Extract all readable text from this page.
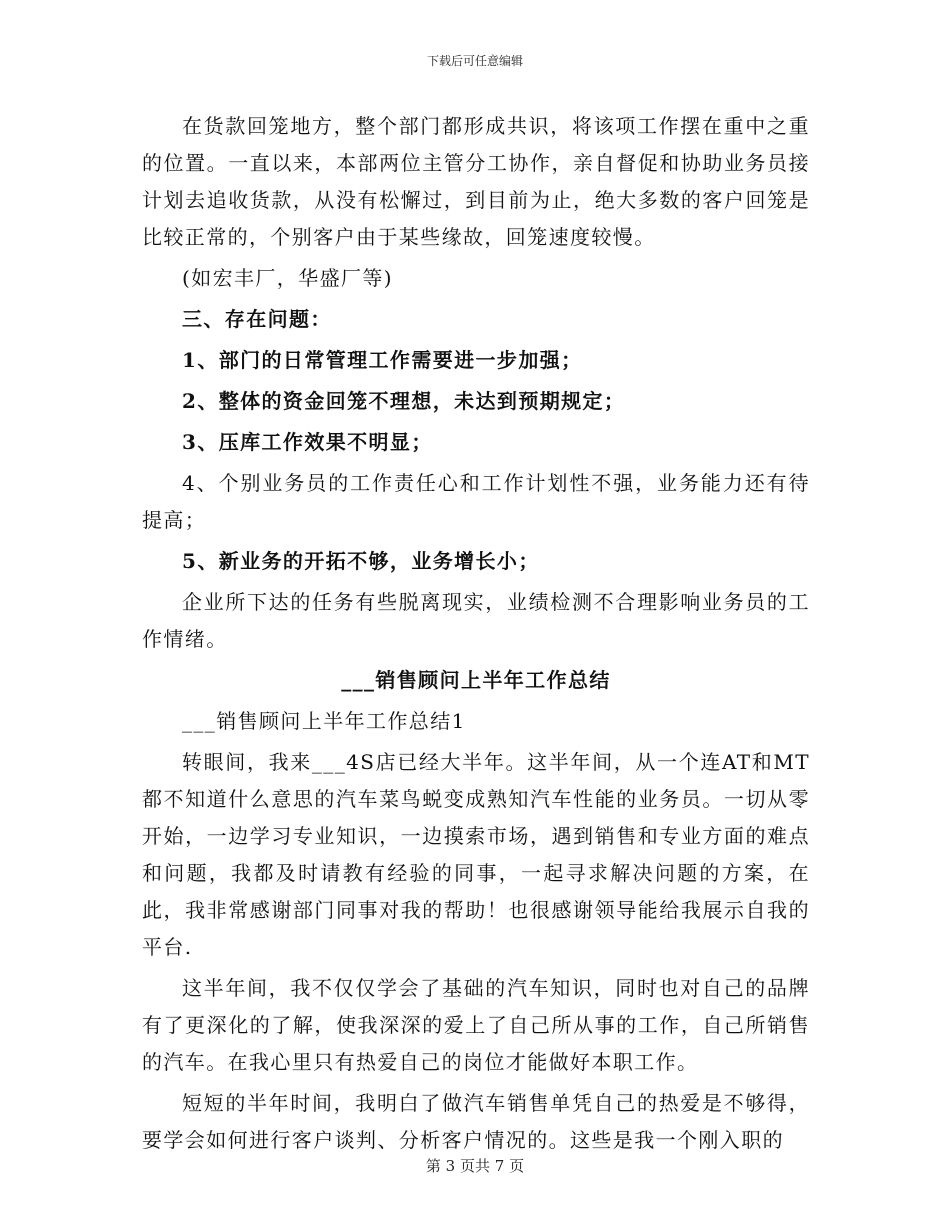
下载后可任意编辑

在货款回笼地方，整个部门都形成共识，将该项工作摆在重中之重的位置。一直以来，本部两位主管分工协作，亲自督促和协助业务员接计划去追收货款，从没有松懈过，到目前为止，绝大多数的客户回笼是比较正常的，个别客户由于某些缘故，回笼速度较慢。

(如宏丰厂，华盛厂等)

三、存在问题：

1、部门的日常管理工作需要进一步加强；

2、整体的资金回笼不理想，未达到预期规定；

3、压库工作效果不明显；

4、个别业务员的工作责任心和工作计划性不强，业务能力还有待提高；

5、新业务的开拓不够，业务增长小；

企业所下达的任务有些脱离现实，业绩检测不合理影响业务员的工作情绪。

___销售顾问上半年工作总结

___销售顾问上半年工作总结1

转眼间，我来___4S店已经大半年。这半年间，从一个连AT和MT都不知道什么意思的汽车菜鸟蜕变成熟知汽车性能的业务员。一切从零开始，一边学习专业知识，一边摸索市场，遇到销售和专业方面的难点和问题，我都及时请教有经验的同事，一起寻求解决问题的方案，在此，我非常感谢部门同事对我的帮助！也很感谢领导能给我展示自我的平台.

这半年间，我不仅仅学会了基础的汽车知识，同时也对自己的品牌有了更深化的了解，使我深深的爱上了自己所从事的工作，自己所销售的汽车。在我心里只有热爱自己的岗位才能做好本职工作。

短短的半年时间，我明白了做汽车销售单凭自己的热爱是不够得，要学会如何进行客户谈判、分析客户情况的。这些是我一个刚入职的

第 3 页共 7 页
